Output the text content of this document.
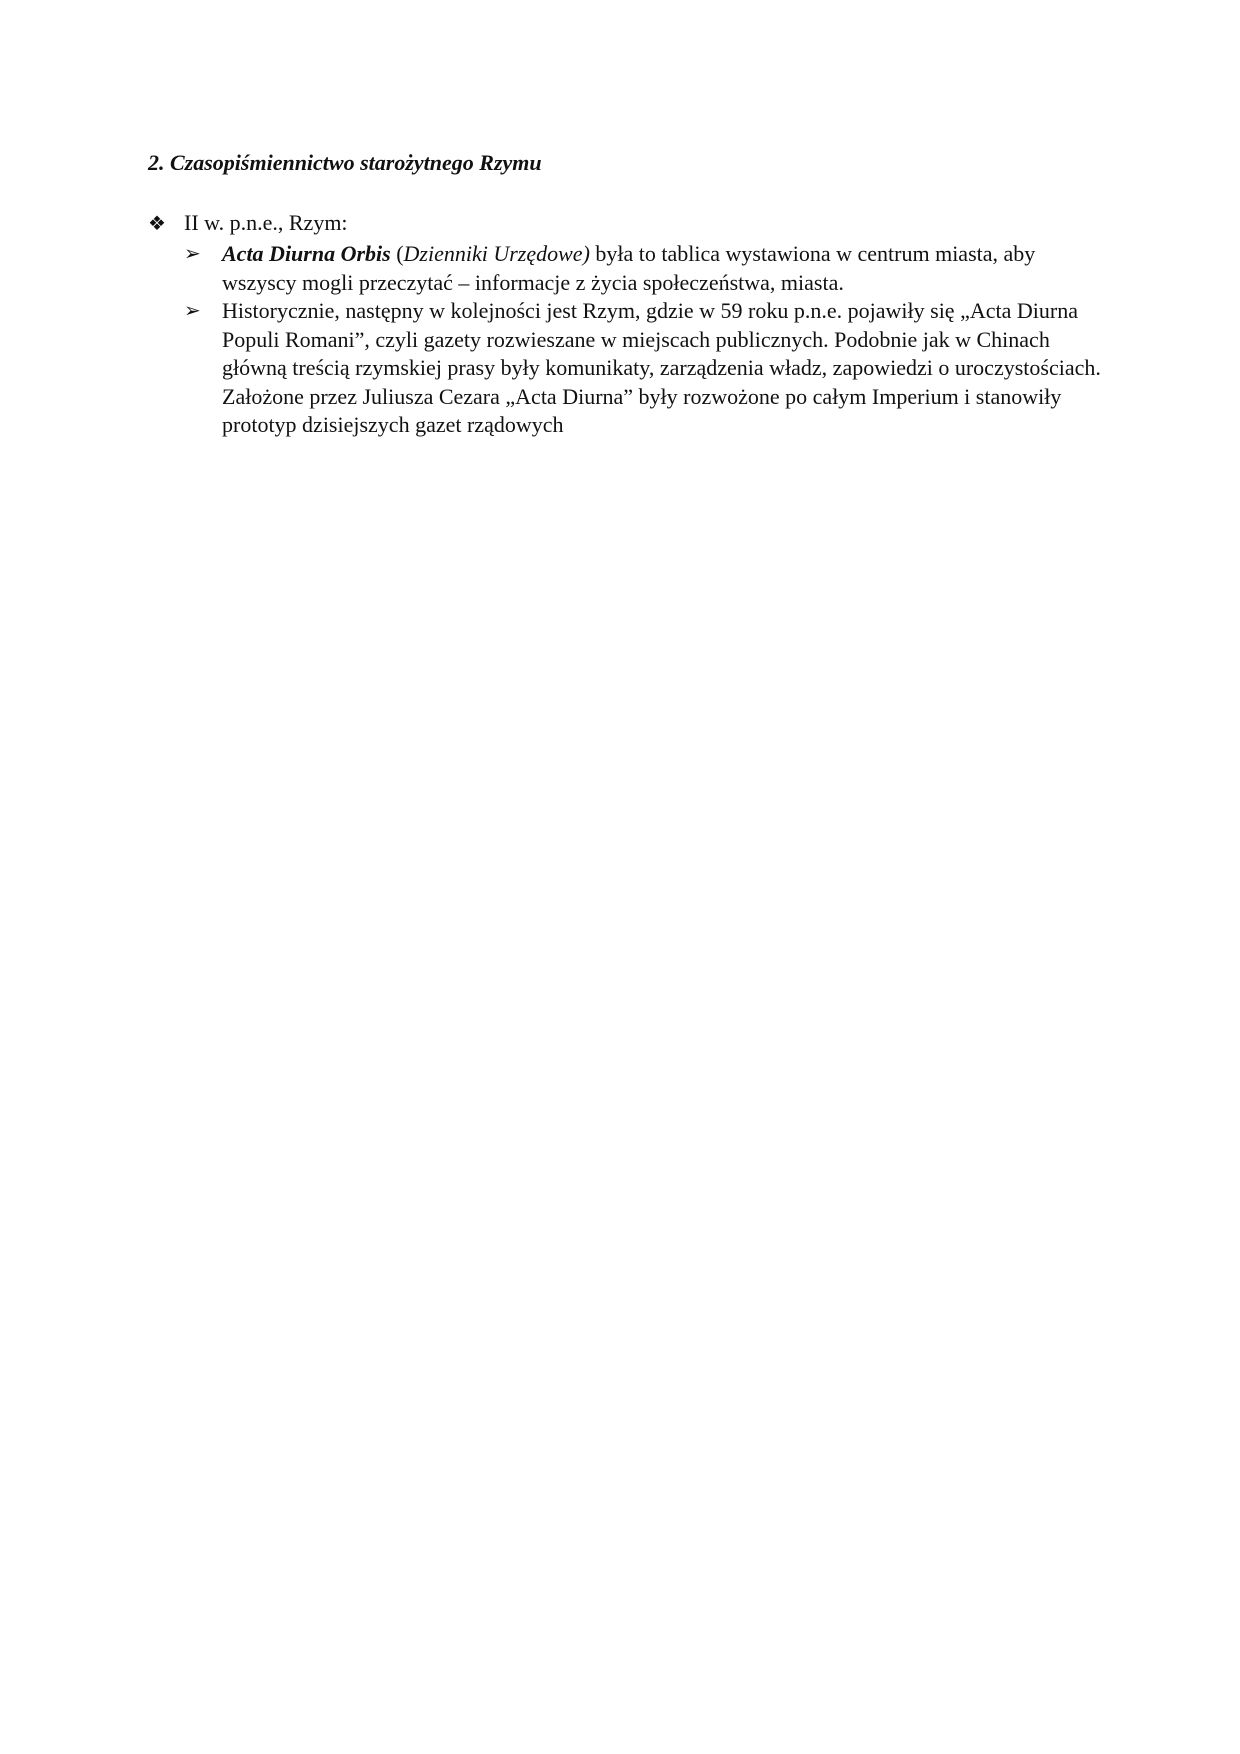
2. Czasopiśmiennictwo starożytnego Rzymu
❖ II w. p.n.e., Rzym:
➢ Acta Diurna Orbis (Dzienniki Urzędowe) była to tablica wystawiona w centrum miasta, aby wszyscy mogli przeczytać – informacje z życia społeczeństwa, miasta.
➢ Historycznie, następny w kolejności jest Rzym, gdzie w 59 roku p.n.e. pojawiły się „Acta Diurna Populi Romani”, czyli gazety rozwieszane w miejscach publicznych. Podobnie jak w Chinach główną treścią rzymskiej prasy były komunikaty, zarządzenia władz, zapowiedzi o uroczystościach. Założone przez Juliusza Cezara „Acta Diurna” były rozwożone po całym Imperium i stanowiły prototyp dzisiejszych gazet rządowych
